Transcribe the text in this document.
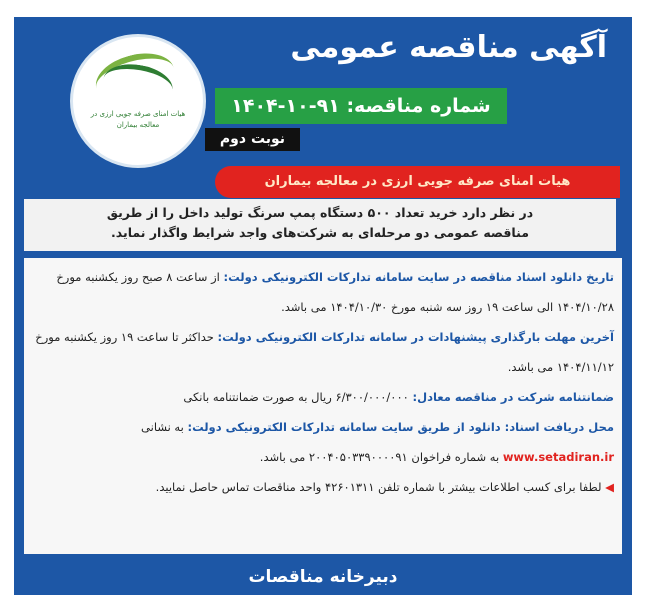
هیات امنای صرفه جویی ارزی در معالجه بیماران
آگهی مناقصه عمومی
شماره مناقصه: ۹۱-۱۰-۱۴۰۴
نوبت دوم
هیات امنای صرفه جویی ارزی در معالجه بیماران
در نظر دارد خرید تعداد ۵۰۰ دستگاه پمپ سرنگ تولید داخل را از طریق
مناقصه عمومی دو مرحله‌ای به شرکت‌های واجد شرایط واگذار نماید.

تاریخ دانلود اسناد مناقصه در سایت سامانه تدارکات الکترونیکی دولت: از ساعت ۸ صبح روز یکشنبه مورخ ۱۴۰۴/۱۰/۲۸ الی ساعت ۱۹ روز سه شنبه مورخ ۱۴۰۴/۱۰/۳۰ می باشد.

آخرین مهلت بارگذاری پیشنهادات در سامانه تدارکات الکترونیکی دولت: حداکثر تا ساعت ۱۹ روز یکشنبه مورخ ۱۴۰۴/۱۱/۱۲ می باشد.

ضمانتنامه شرکت در مناقصه معادل: ۶/۳۰۰/۰۰۰/۰۰۰ ریال به صورت ضمانتنامه بانکی

محل دریافت اسناد: دانلود از طریق سایت سامانه تدارکات الکترونیکی دولت: به نشانی www.setadiran.ir به شماره فراخوان ۲۰۰۴۰۵۰۳۳۹۰۰۰۰۹۱ می باشد.

◀ لطفا برای کسب اطلاعات بیشتر با شماره تلفن ۴۲۶۰۱۳۱۱ واحد مناقصات تماس حاصل نمایید.

دبیرخانه مناقصات
